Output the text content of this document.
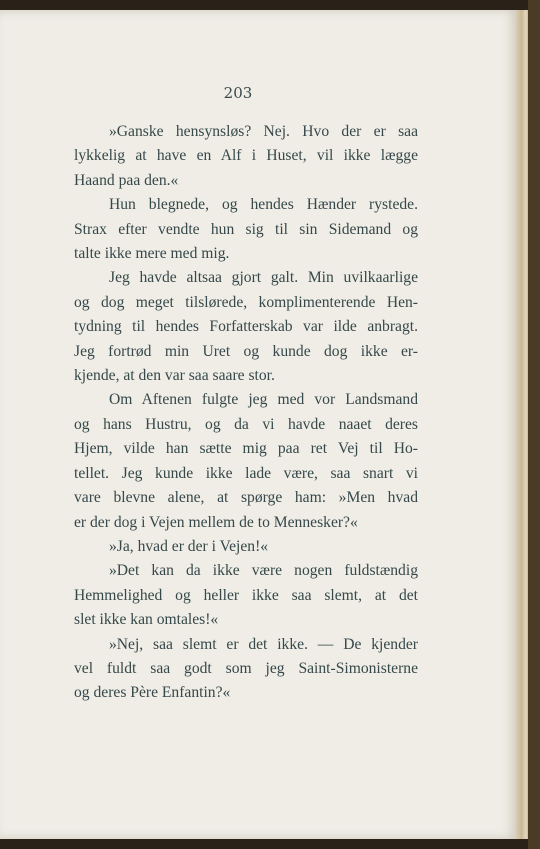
203

»Ganske hensynsløs? Nej. Hvo der er saa
lykkelig at have en Alf i Huset, vil ikke lægge
Haand paa den.«

Hun blegnede, og hendes Hænder rystede.
Strax efter vendte hun sig til sin Sidemand og
talte ikke mere med mig.

Jeg havde altsaa gjort galt. Min uvilkaarlige
og dog meget tilslørede, komplimenterende Hen-
tydning til hendes Forfatterskab var ilde anbragt.
Jeg fortrød min Uret og kunde dog ikke er-
kjende, at den var saa saare stor.

Om Aftenen fulgte jeg med vor Landsmand
og hans Hustru, og da vi havde naaet deres
Hjem, vilde han sætte mig paa ret Vej til Ho-
tellet. Jeg kunde ikke lade være, saa snart vi
vare blevne alene, at spørge ham: »Men hvad
er der dog i Vejen mellem de to Mennesker?«

»Ja, hvad er der i Vejen!«

»Det kan da ikke være nogen fuldstændig
Hemmelighed og heller ikke saa slemt, at det
slet ikke kan omtales!«

»Nej, saa slemt er det ikke. — De kjender
vel fuldt saa godt som jeg Saint-Simonisterne
og deres Père Enfantin?«
